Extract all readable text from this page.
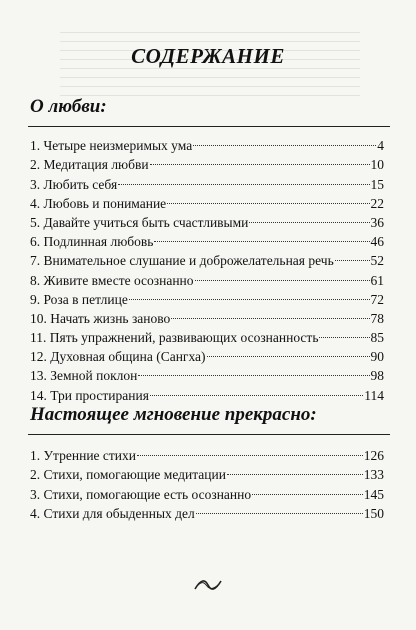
СОДЕРЖАНИЕ
О любви:
1. Четыре неизмеримых ума	4
2. Медитация любви	10
3. Любить себя	15
4. Любовь и понимание	22
5. Давайте учиться быть счастливыми	36
6. Подлинная любовь	46
7. Внимательное слушание и доброжелательная речь	52
8. Живите вместе осознанно	61
9. Роза в петлице	72
10. Начать жизнь заново	78
11. Пять упражнений, развивающих осознанность	85
12. Духовная община (Сангха)	90
13. Земной поклон	98
14. Три простирания	114
Настоящее мгновение прекрасно:
1. Утренние стихи	126
2. Стихи, помогающие медитации	133
3. Стихи, помогающие есть осознанно	145
4. Стихи для обыденных дел	150
